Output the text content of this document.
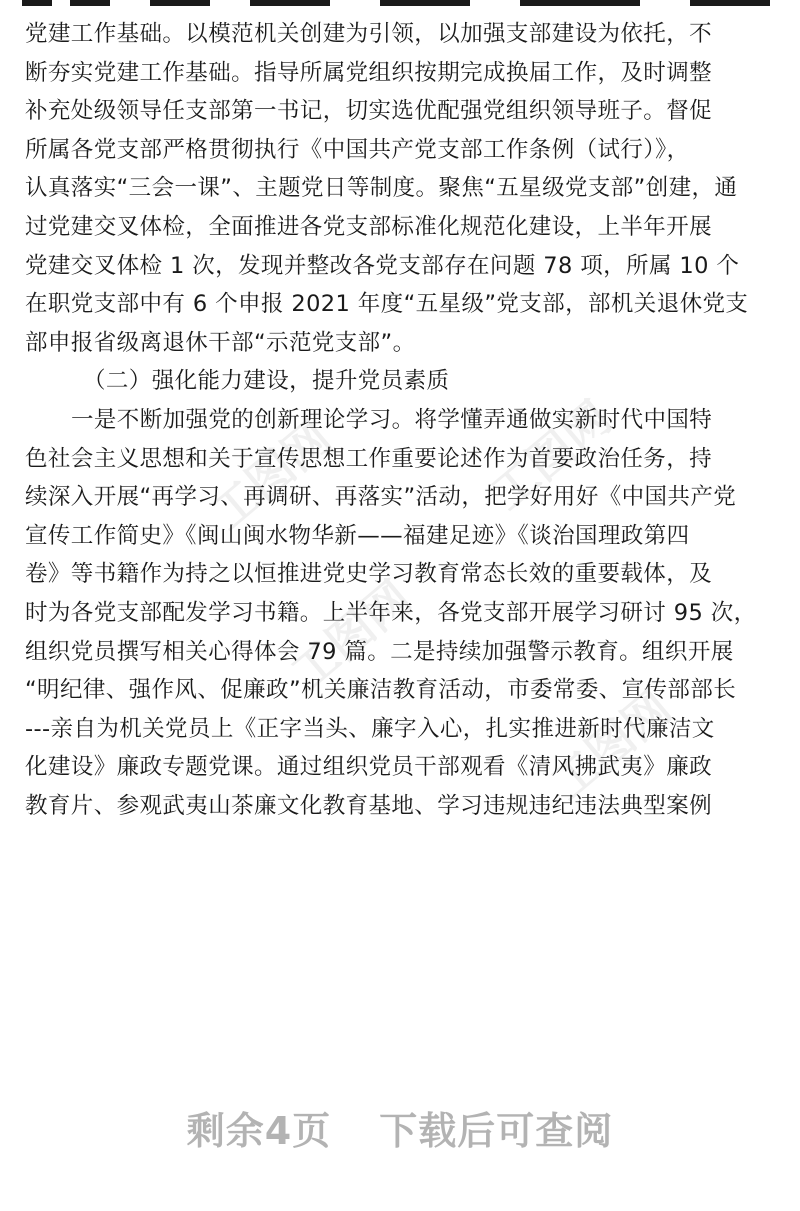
工图网	工图网
工图网
工图网
党建工作基础。以模范机关创建为引领，以加强支部建设为依托，不
断夯实党建工作基础。指导所属党组织按期完成换届工作，及时调整
补充处级领导任支部第一书记，切实选优配强党组织领导班子。督促
所属各党支部严格贯彻执行《中国共产党支部工作条例（试行）》，
认真落实“三会一课”、主题党日等制度。聚焦“五星级党支部”创建，通
过党建交叉体检，全面推进各党支部标准化规范化建设，上半年开展
党建交叉体检 1 次，发现并整改各党支部存在问题 78 项，所属 10 个
在职党支部中有 6 个申报 2021 年度“五星级”党支部，部机关退休党支
部申报省级离退休干部“示范党支部”。
（二）强化能力建设，提升党员素质
一是不断加强党的创新理论学习。将学懂弄通做实新时代中国特
色社会主义思想和关于宣传思想工作重要论述作为首要政治任务，持
续深入开展“再学习、再调研、再落实”活动，把学好用好《中国共产党
宣传工作简史》《闽山闽水物华新——福建足迹》《谈治国理政第四
卷》等书籍作为持之以恒推进党史学习教育常态长效的重要载体，及
时为各党支部配发学习书籍。上半年来，各党支部开展学习研讨 95 次，
组织党员撰写相关心得体会 79 篇。二是持续加强警示教育。组织开展
“明纪律、强作风、促廉政”机关廉洁教育活动，市委常委、宣传部部长
---亲自为机关党员上《正字当头、廉字入心，扎实推进新时代廉洁文
化建设》廉政专题党课。通过组织党员干部观看《清风拂武夷》廉政
教育片、参观武夷山茶廉文化教育基地、学习违规违纪违法典型案例
剩余4页 下载后可查阅
